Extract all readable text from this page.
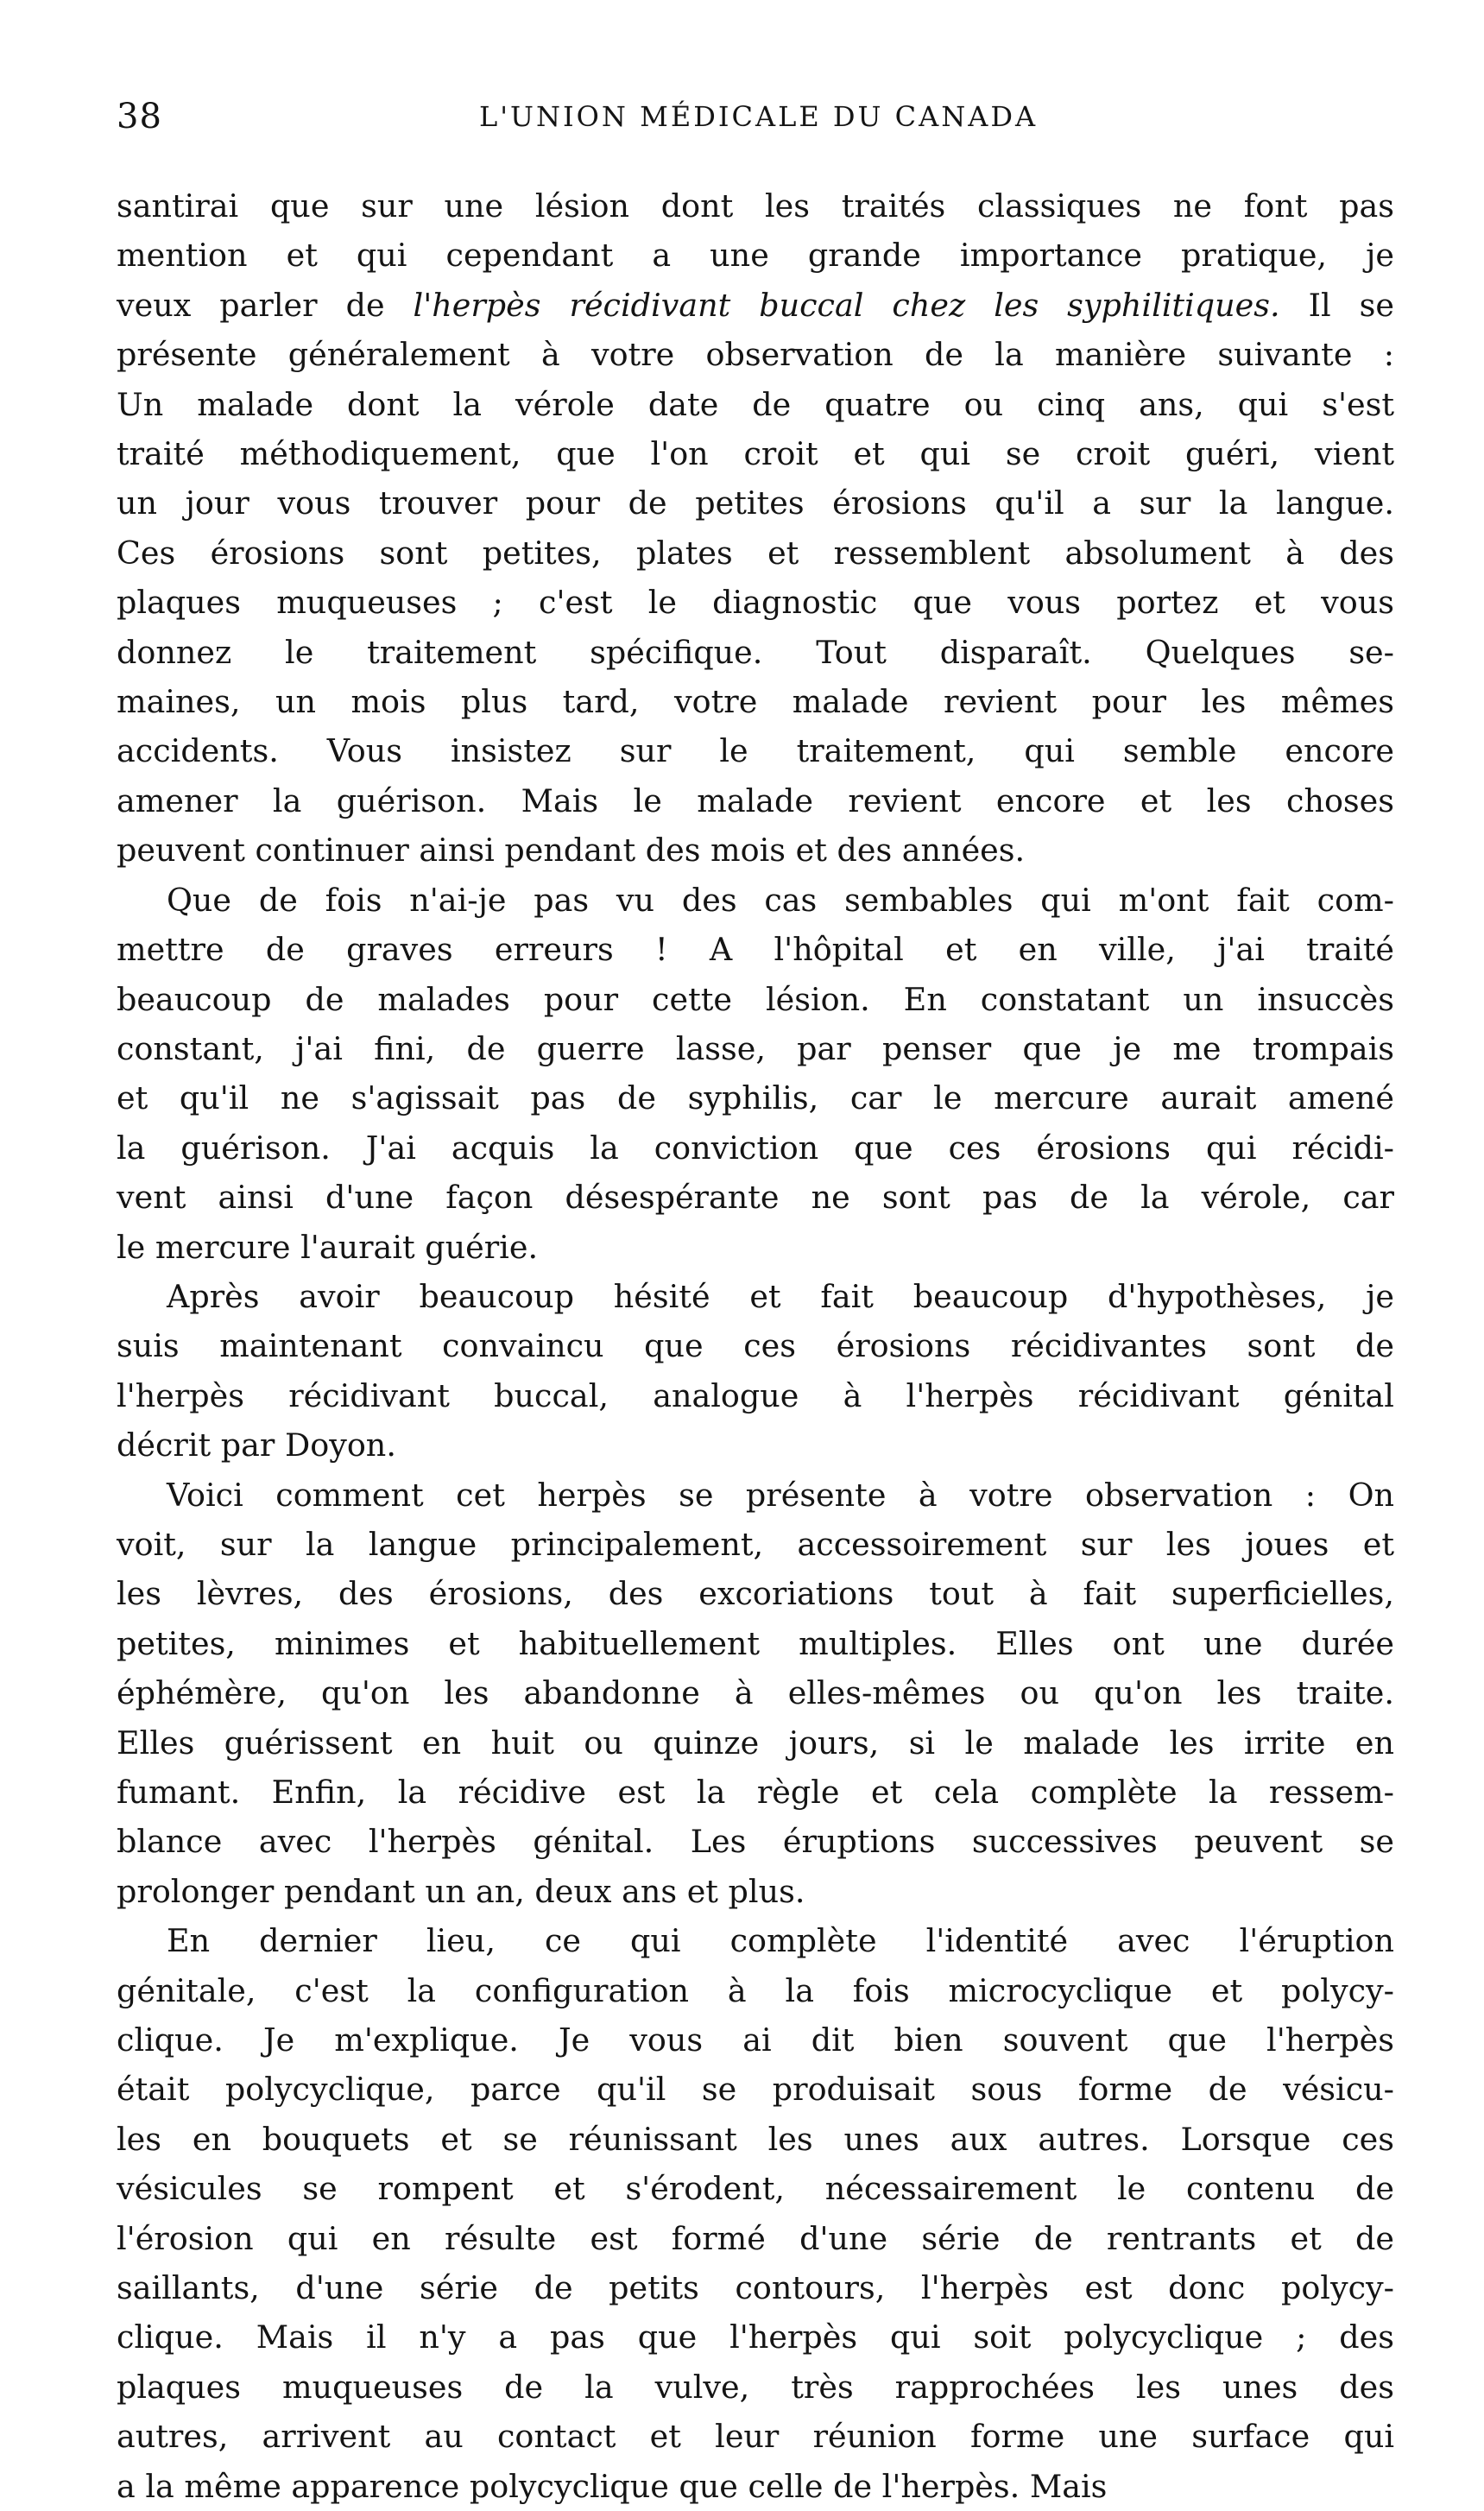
38	L'UNION MÉDICALE DU CANADA
santirai que sur une lésion dont les traités classiques ne font pas
mention et qui cependant a une grande importance pratique, je
veux parler de l'herpès récidivant buccal chez les syphilitiques. Il se
présente généralement à votre observation de la manière suivante :
Un malade dont la vérole date de quatre ou cinq ans, qui s'est
traité méthodiquement, que l'on croit et qui se croit guéri, vient
un jour vous trouver pour de petites érosions qu'il a sur la langue.
Ces érosions sont petites, plates et ressemblent absolument à des
plaques muqueuses ; c'est le diagnostic que vous portez et vous
donnez le traitement spécifique. Tout disparaît. Quelques se-
maines, un mois plus tard, votre malade revient pour les mêmes
accidents. Vous insistez sur le traitement, qui semble encore
amener la guérison. Mais le malade revient encore et les choses
peuvent continuer ainsi pendant des mois et des années.
Que de fois n'ai-je pas vu des cas sembables qui m'ont fait com-
mettre de graves erreurs ! A l'hôpital et en ville, j'ai traité
beaucoup de malades pour cette lésion. En constatant un insuccès
constant, j'ai fini, de guerre lasse, par penser que je me trompais
et qu'il ne s'agissait pas de syphilis, car le mercure aurait amené
la guérison. J'ai acquis la conviction que ces érosions qui récidi-
vent ainsi d'une façon désespérante ne sont pas de la vérole, car
le mercure l'aurait guérie.
Après avoir beaucoup hésité et fait beaucoup d'hypothèses, je
suis maintenant convaincu que ces érosions récidivantes sont de
l'herpès récidivant buccal, analogue à l'herpès récidivant génital
décrit par Doyon.
Voici comment cet herpès se présente à votre observation : On
voit, sur la langue principalement, accessoirement sur les joues et
les lèvres, des érosions, des excoriations tout à fait superficielles,
petites, minimes et habituellement multiples. Elles ont une durée
éphémère, qu'on les abandonne à elles-mêmes ou qu'on les traite.
Elles guérissent en huit ou quinze jours, si le malade les irrite en
fumant. Enfin, la récidive est la règle et cela complète la ressem-
blance avec l'herpès génital. Les éruptions successives peuvent se
prolonger pendant un an, deux ans et plus.
En dernier lieu, ce qui complète l'identité avec l'éruption
génitale, c'est la configuration à la fois microcyclique et polycy-
clique. Je m'explique. Je vous ai dit bien souvent que l'herpès
était polycyclique, parce qu'il se produisait sous forme de vésicu-
les en bouquets et se réunissant les unes aux autres. Lorsque ces
vésicules se rompent et s'érodent, nécessairement le contenu de
l'érosion qui en résulte est formé d'une série de rentrants et de
saillants, d'une série de petits contours, l'herpès est donc polycy-
clique. Mais il n'y a pas que l'herpès qui soit polycyclique ; des
plaques muqueuses de la vulve, très rapprochées les unes des
autres, arrivent au contact et leur réunion forme une surface qui
a la même apparence polycyclique que celle de l'herpès. Mais
